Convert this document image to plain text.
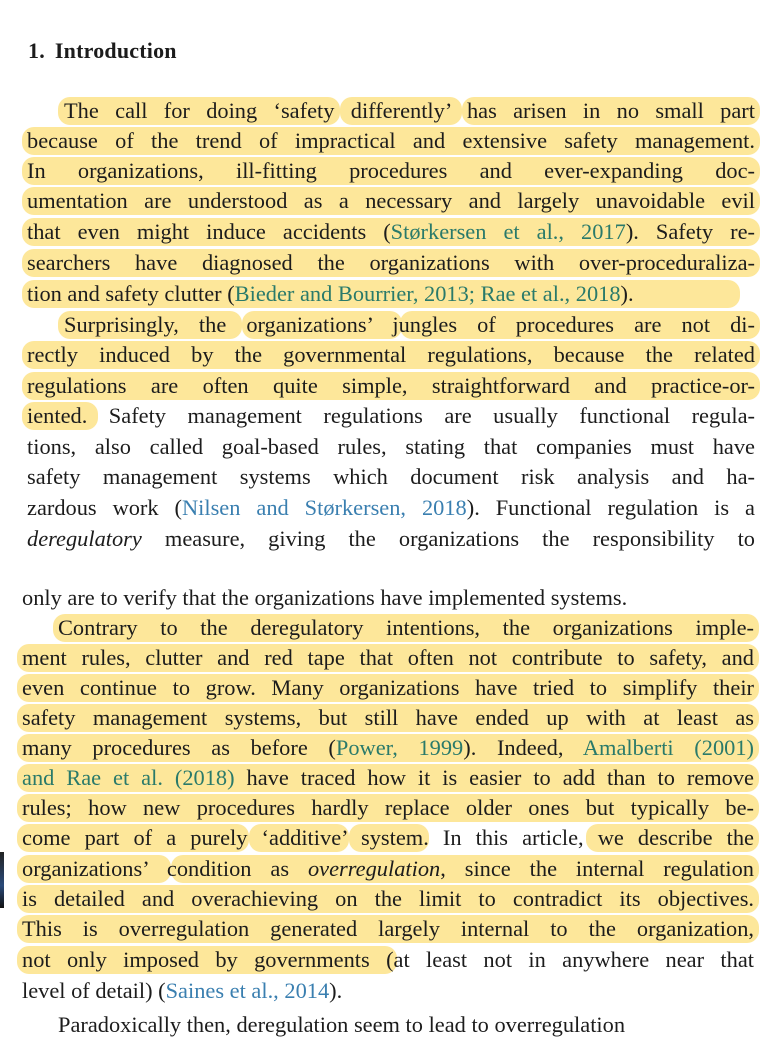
1. Introduction
The call for doing ‘safety differently’ has arisen in no small part
because of the trend of impractical and extensive safety management.
In organizations, ill-fitting procedures and ever-expanding doc-
umentation are understood as a necessary and largely unavoidable evil
that even might induce accidents (Størkersen et al., 2017). Safety re-
searchers have diagnosed the organizations with over-proceduraliza-
tion and safety clutter (Bieder and Bourrier, 2013; Rae et al., 2018).
Surprisingly, the organizations’ jungles of procedures are not di-
rectly induced by the governmental regulations, because the related
regulations are often quite simple, straightforward and practice-or-
iented. Safety management regulations are usually functional regula-
tions, also called goal-based rules, stating that companies must have
safety management systems which document risk analysis and ha-
zardous work (Nilsen and Størkersen, 2018). Functional regulation is a
deregulatory measure, giving the organizations the responsibility to
only are to verify that the organizations have implemented systems.
Contrary to the deregulatory intentions, the organizations imple-
ment rules, clutter and red tape that often not contribute to safety, and
even continue to grow. Many organizations have tried to simplify their
safety management systems, but still have ended up with at least as
many procedures as before (Power, 1999). Indeed, Amalberti (2001)
and Rae et al. (2018) have traced how it is easier to add than to remove
rules; how new procedures hardly replace older ones but typically be-
come part of a purely ‘additive’ system. In this article, we describe the
organizations’ condition as overregulation, since the internal regulation
is detailed and overachieving on the limit to contradict its objectives.
This is overregulation generated largely internal to the organization,
not only imposed by governments (at least not in anywhere near that
level of detail) (Saines et al., 2014).
Paradoxically then, deregulation seem to lead to overregulation
